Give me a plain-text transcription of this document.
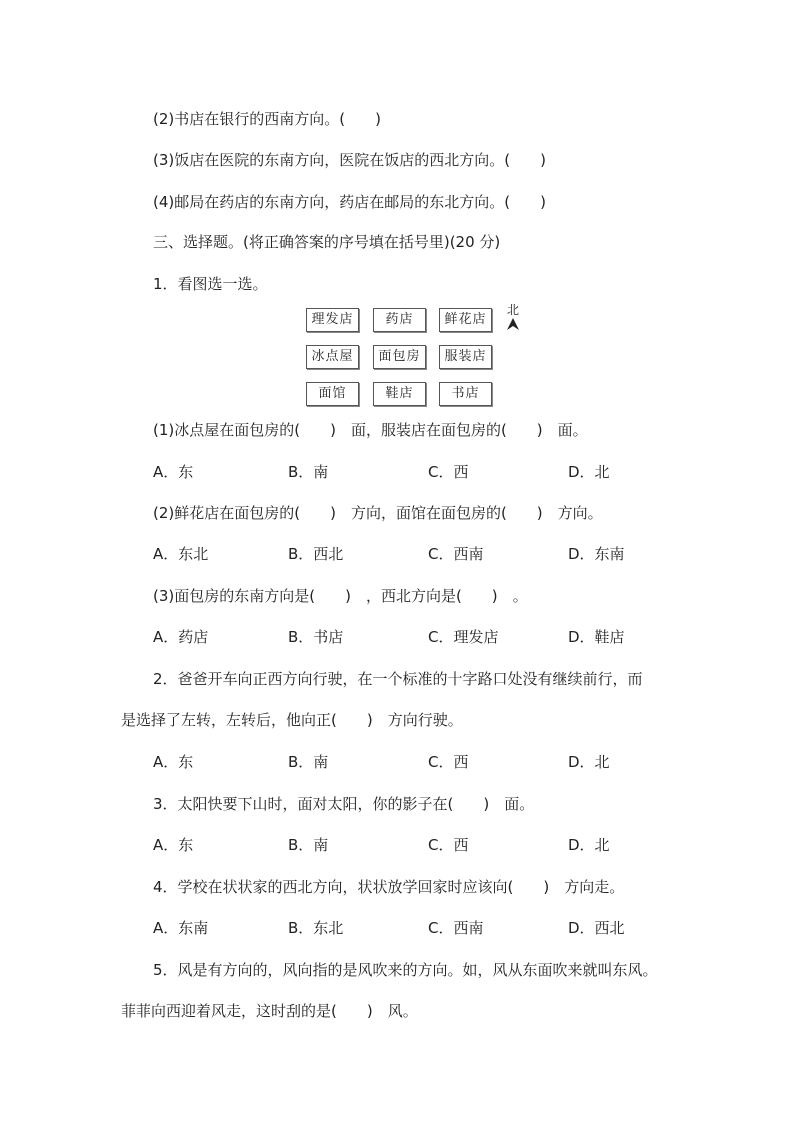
(2)书店在银行的西南方向。(　　)
(3)饭店在医院的东南方向，医院在饭店的西北方向。(　　)
(4)邮局在药店的东南方向，药店在邮局的东北方向。(　　)
三、选择题。(将正确答案的序号填在括号里)(20 分)
1．看图选一选。
理发店	药店	鲜花店
冰点屋	面包房	服装店
面馆	鞋店	书店
北
(1)冰点屋在面包房的(　　)　面，服装店在面包房的(　　)　面。
A．东	B．南	C．西	D．北
(2)鲜花店在面包房的(　　)　方向，面馆在面包房的(　　)　方向。
A．东北	B．西北	C．西南	D．东南
(3)面包房的东南方向是(　　)　，西北方向是(　　)　。
A．药店	B．书店	C．理发店	D．鞋店
2．爸爸开车向正西方向行驶，在一个标准的十字路口处没有继续前行，而
是选择了左转，左转后，他向正(　　)　方向行驶。
A．东	B．南	C．西	D．北
3．太阳快要下山时，面对太阳，你的影子在(　　)　面。
A．东	B．南	C．西	D．北
4．学校在状状家的西北方向，状状放学回家时应该向(　　)　方向走。
A．东南	B．东北	C．西南	D．西北
5．风是有方向的，风向指的是风吹来的方向。如，风从东面吹来就叫东风。
菲菲向西迎着风走，这时刮的是(　　)　风。
